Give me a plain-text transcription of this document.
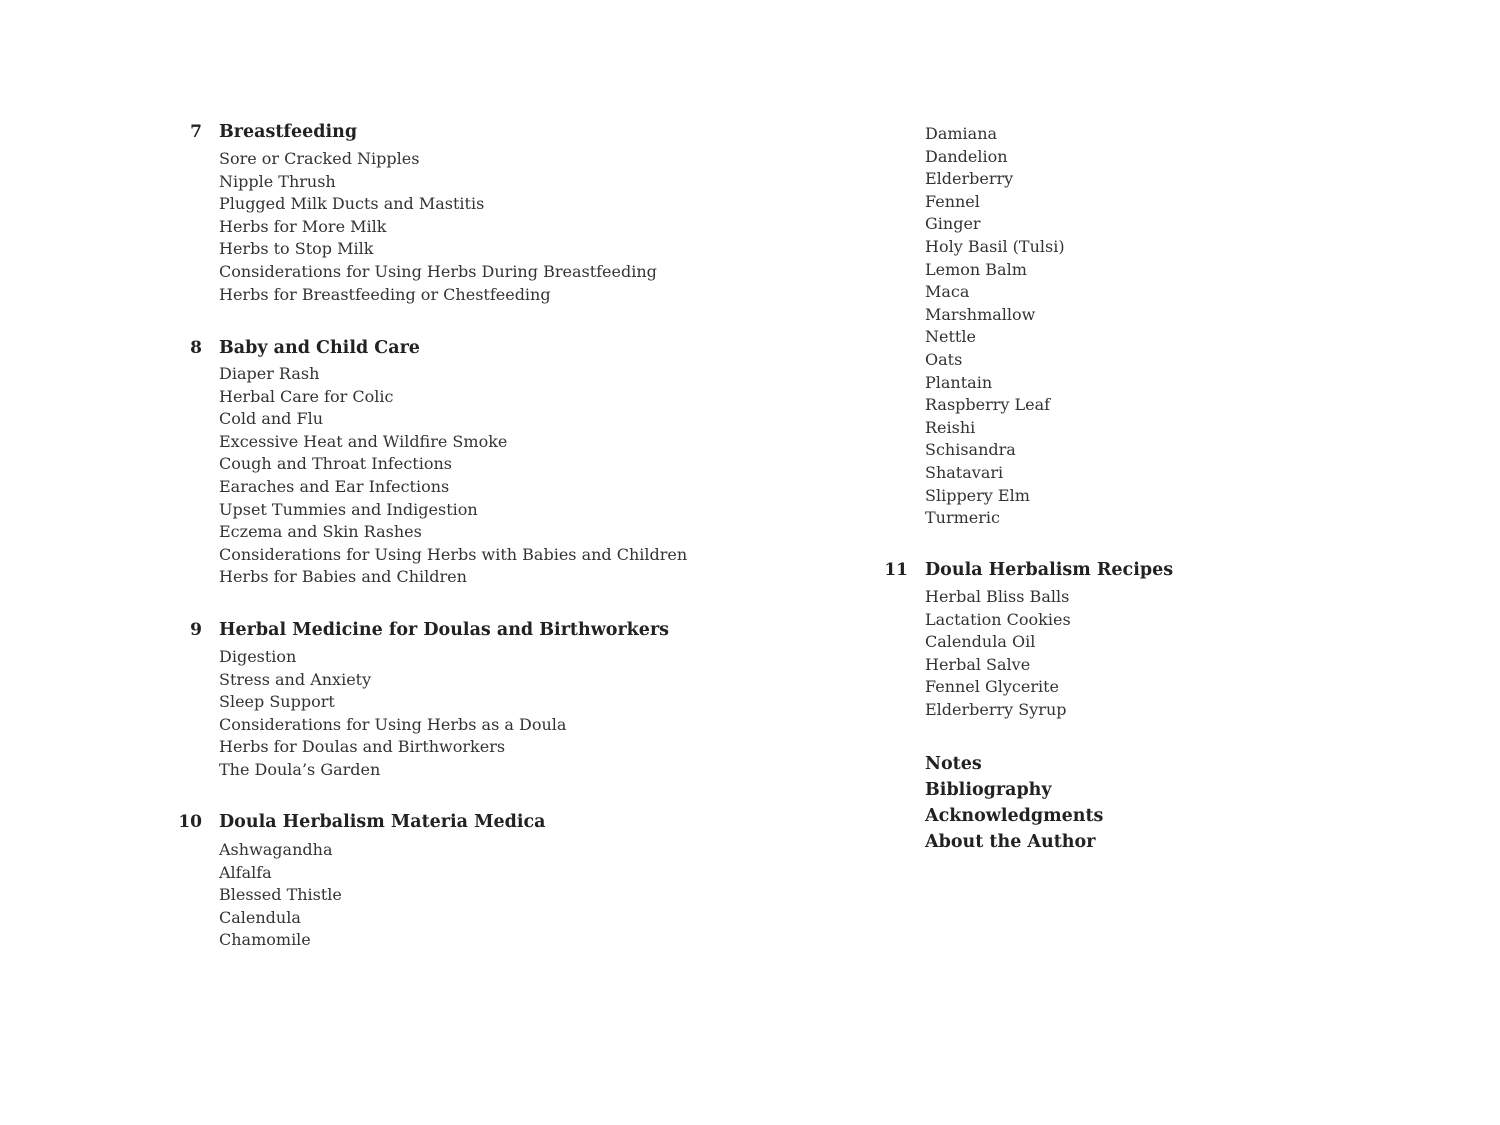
7 Breastfeeding
Sore or Cracked Nipples
Nipple Thrush
Plugged Milk Ducts and Mastitis
Herbs for More Milk
Herbs to Stop Milk
Considerations for Using Herbs During Breastfeeding
Herbs for Breastfeeding or Chestfeeding
8 Baby and Child Care
Diaper Rash
Herbal Care for Colic
Cold and Flu
Excessive Heat and Wildfire Smoke
Cough and Throat Infections
Earaches and Ear Infections
Upset Tummies and Indigestion
Eczema and Skin Rashes
Considerations for Using Herbs with Babies and Children
Herbs for Babies and Children
9 Herbal Medicine for Doulas and Birthworkers
Digestion
Stress and Anxiety
Sleep Support
Considerations for Using Herbs as a Doula
Herbs for Doulas and Birthworkers
The Doula’s Garden
10 Doula Herbalism Materia Medica
Ashwagandha
Alfalfa
Blessed Thistle
Calendula
Chamomile
Damiana
Dandelion
Elderberry
Fennel
Ginger
Holy Basil (Tulsi)
Lemon Balm
Maca
Marshmallow
Nettle
Oats
Plantain
Raspberry Leaf
Reishi
Schisandra
Shatavari
Slippery Elm
Turmeric
11 Doula Herbalism Recipes
Herbal Bliss Balls
Lactation Cookies
Calendula Oil
Herbal Salve
Fennel Glycerite
Elderberry Syrup
Notes
Bibliography
Acknowledgments
About the Author
